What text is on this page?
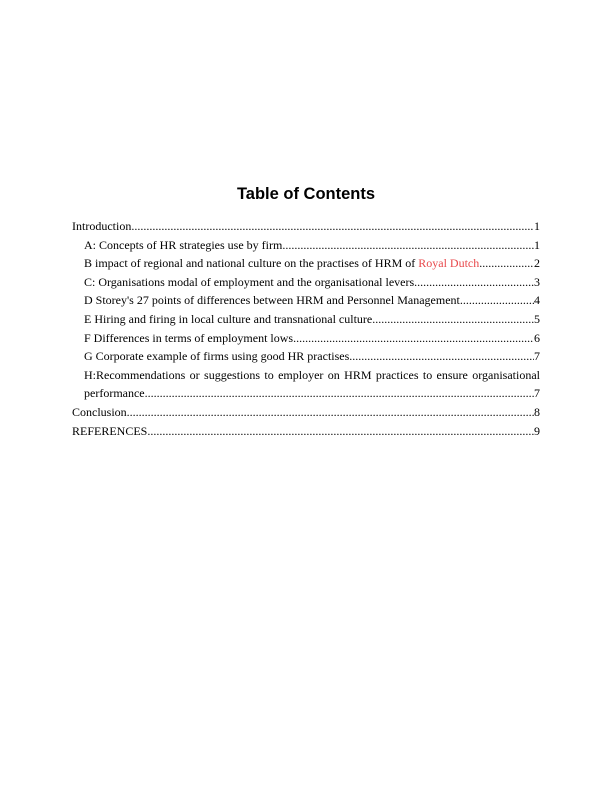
Table of Contents
Introduction .....	1
A: Concepts of HR strategies use by firm .....	1
B impact of regional and national culture on the practises of HRM of Royal Dutch .....	2
C: Organisations modal of employment and the organisational levers. .....	3
D Storey's 27 points of differences between HRM and Personnel Management .....	4
E Hiring and firing in local culture and transnational culture .....	5
F Differences in terms of employment lows .....	6
G Corporate example of firms using good HR practises .....	7
H:Recommendations or suggestions to employer on HRM practices to ensure organisational
performance .....	7
Conclusion .....	8
REFERENCES .....	9
